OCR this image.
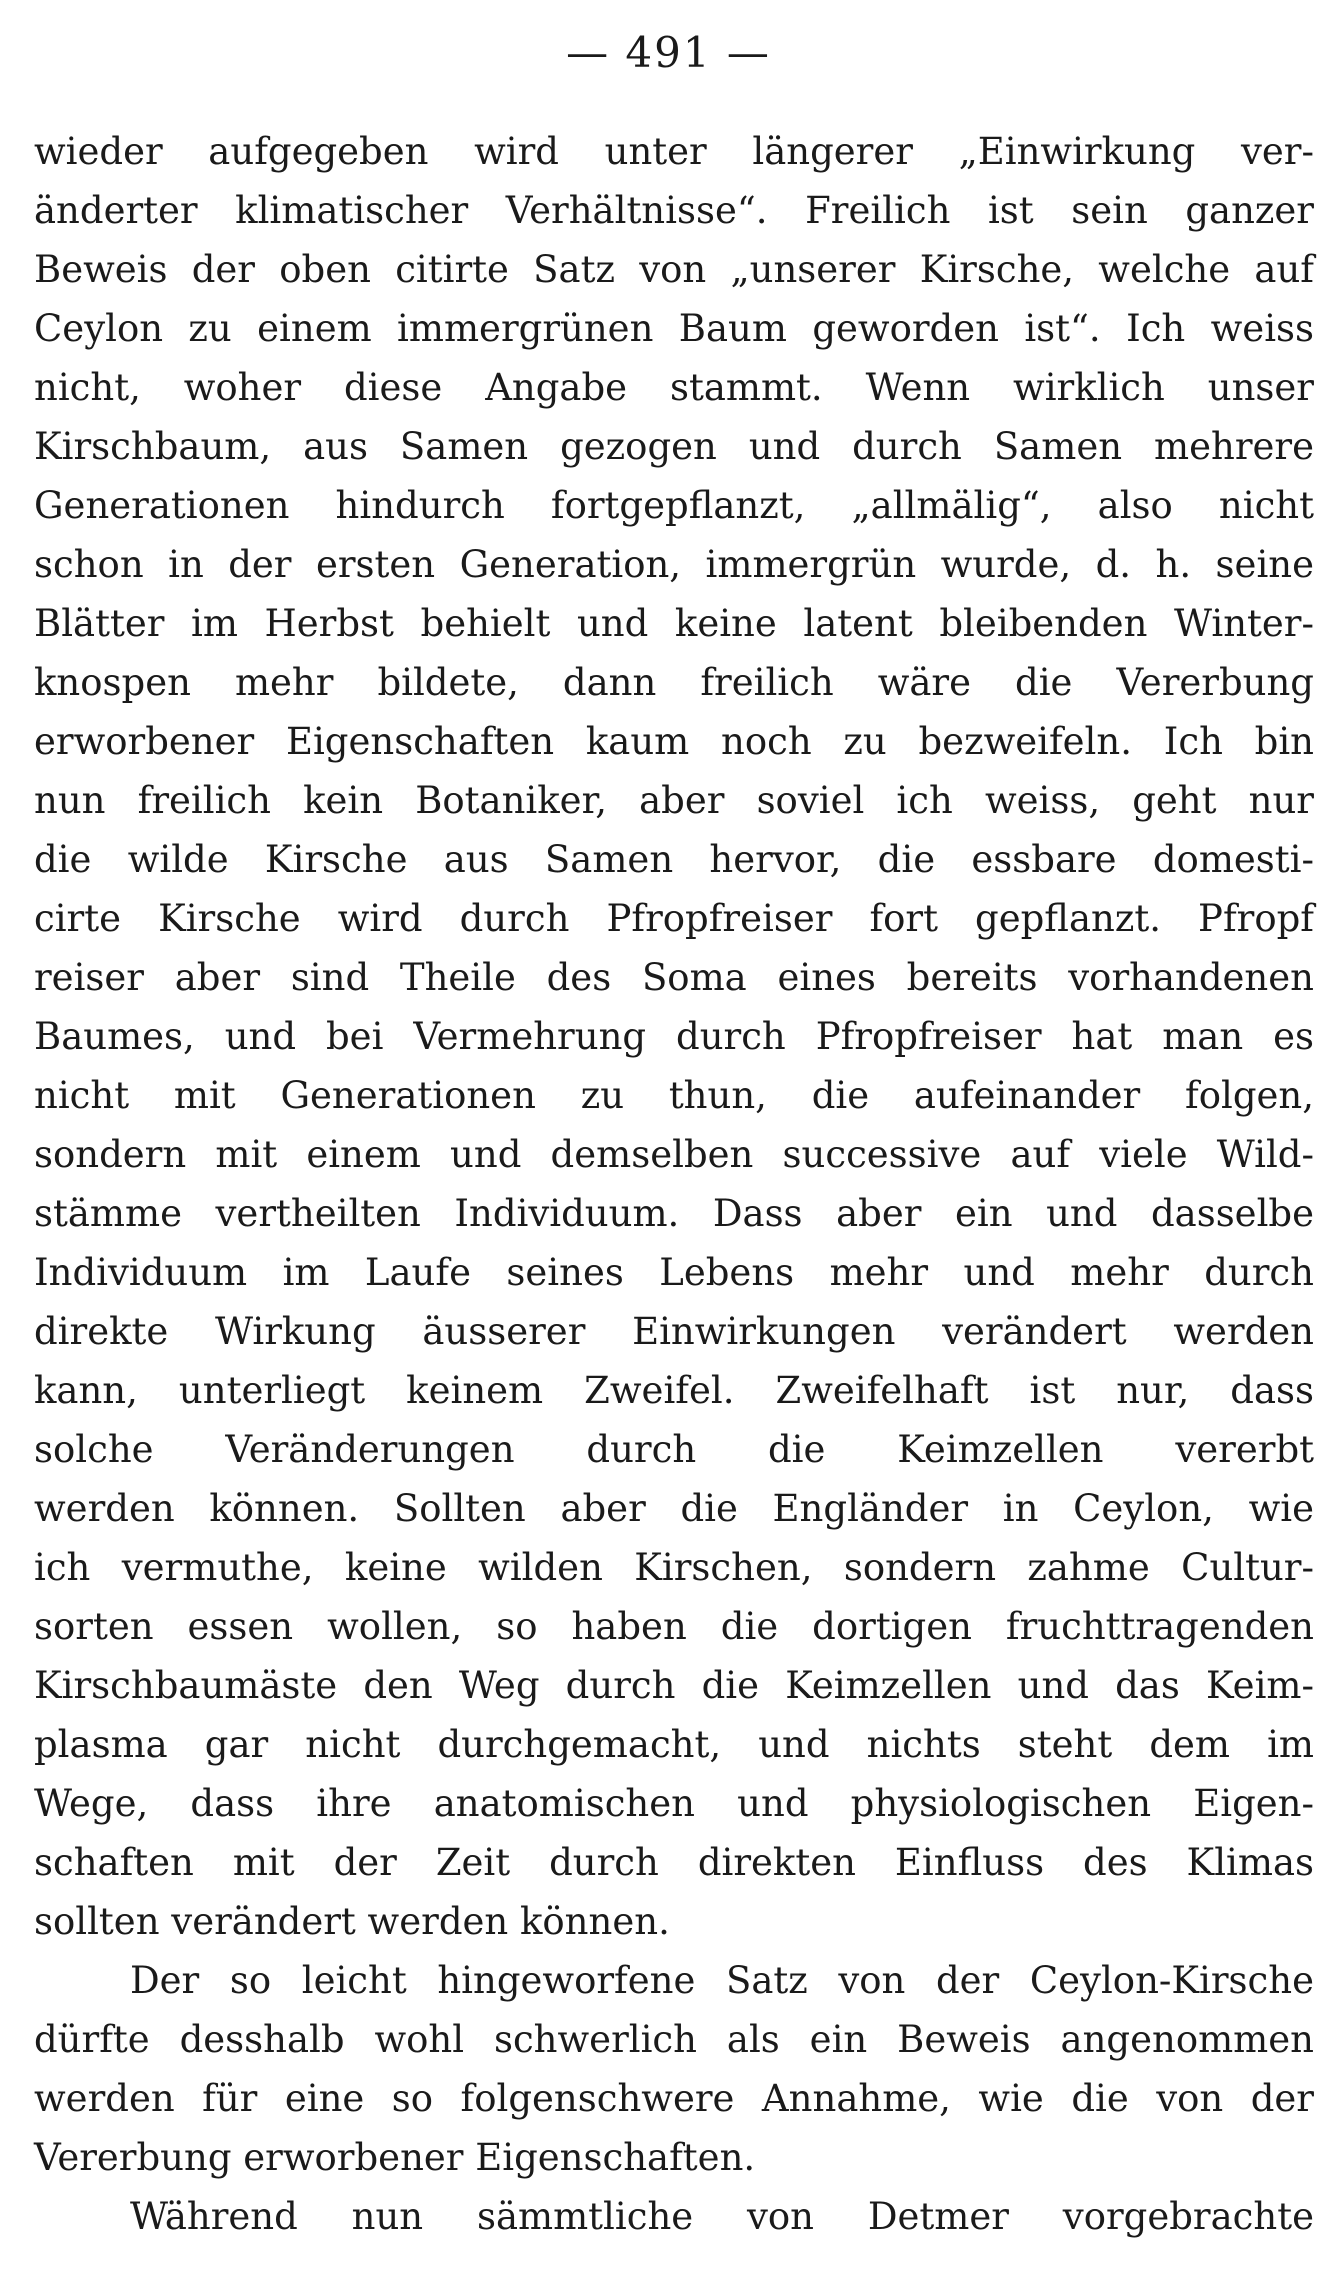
— 491 —
wieder aufgegeben wird unter längerer „Einwirkung ver-
änderter klimatischer Verhältnisse“. Freilich ist sein ganzer
Beweis der oben citirte Satz von „unserer Kirsche, welche auf
Ceylon zu einem immergrünen Baum geworden ist“. Ich weiss
nicht, woher diese Angabe stammt. Wenn wirklich unser
Kirschbaum, aus Samen gezogen und durch Samen mehrere
Generationen hindurch fortgepflanzt, „allmälig“, also nicht
schon in der ersten Generation, immergrün wurde, d. h. seine
Blätter im Herbst behielt und keine latent bleibenden Winter-
knospen mehr bildete, dann freilich wäre die Vererbung
erworbener Eigenschaften kaum noch zu bezweifeln. Ich bin
nun freilich kein Botaniker, aber soviel ich weiss, geht nur
die wilde Kirsche aus Samen hervor, die essbare domesti-
cirte Kirsche wird durch Pfropfreiser fort gepflanzt. Pfropf
reiser aber sind Theile des Soma eines bereits vorhandenen
Baumes, und bei Vermehrung durch Pfropfreiser hat man es
nicht mit Generationen zu thun, die aufeinander folgen,
sondern mit einem und demselben successive auf viele Wild-
stämme vertheilten Individuum. Dass aber ein und dasselbe
Individuum im Laufe seines Lebens mehr und mehr durch
direkte Wirkung äusserer Einwirkungen verändert werden
kann, unterliegt keinem Zweifel. Zweifelhaft ist nur, dass
solche Veränderungen durch die Keimzellen vererbt
werden können. Sollten aber die Engländer in Ceylon, wie
ich vermuthe, keine wilden Kirschen, sondern zahme Cultur-
sorten essen wollen, so haben die dortigen fruchttragenden
Kirschbaumäste den Weg durch die Keimzellen und das Keim-
plasma gar nicht durchgemacht, und nichts steht dem im
Wege, dass ihre anatomischen und physiologischen Eigen-
schaften mit der Zeit durch direkten Einfluss des Klimas
sollten verändert werden können.
Der so leicht hingeworfene Satz von der Ceylon-Kirsche
dürfte desshalb wohl schwerlich als ein Beweis angenommen
werden für eine so folgenschwere Annahme, wie die von der
Vererbung erworbener Eigenschaften.
Während nun sämmtliche von Detmer vorgebrachte
